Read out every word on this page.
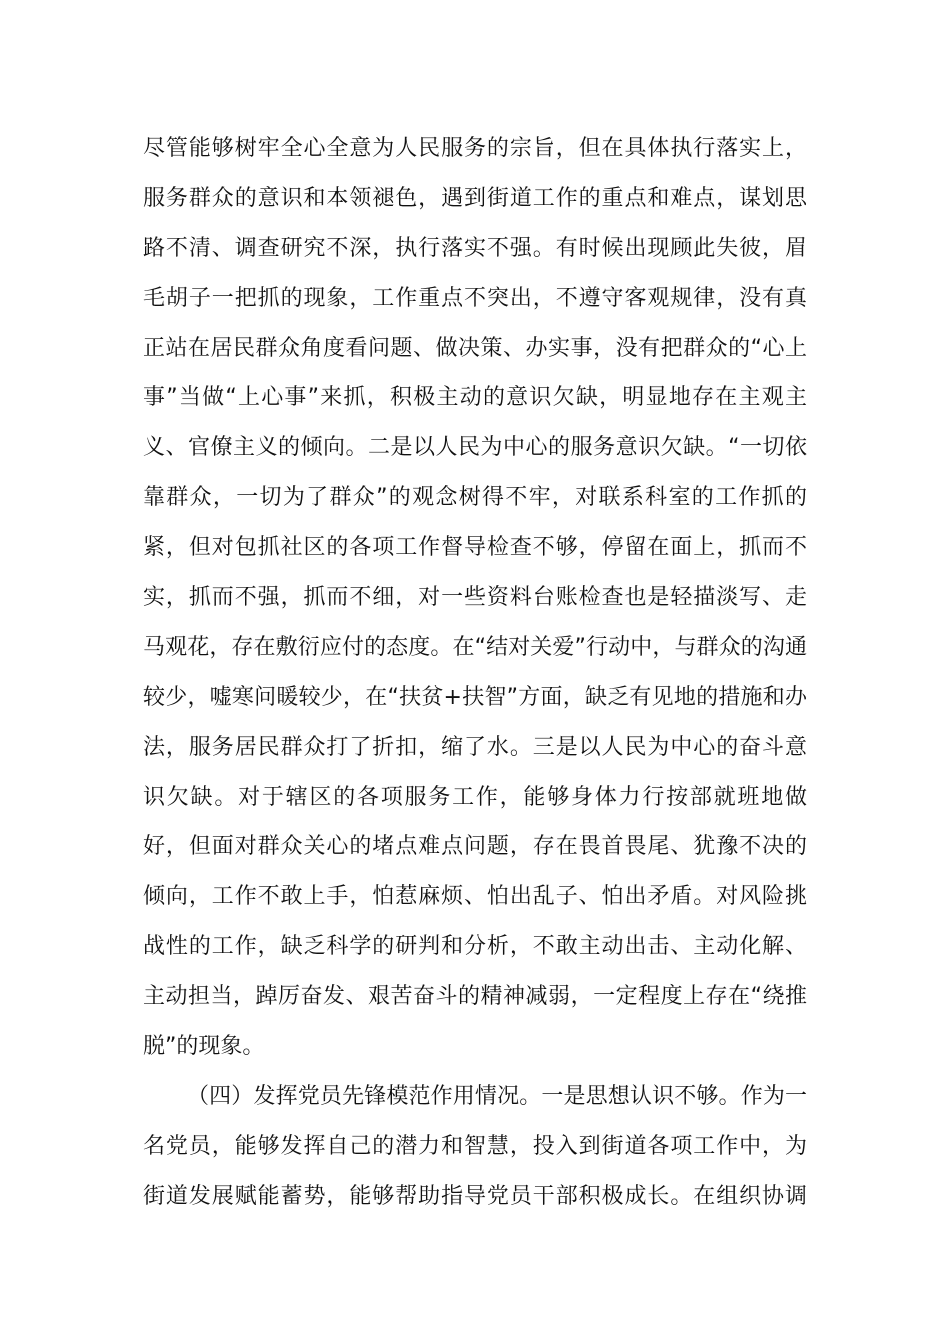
尽管能够树牢全心全意为人民服务的宗旨，但在具体执行落实上，
服务群众的意识和本领褪色，遇到街道工作的重点和难点，谋划思
路不清、调查研究不深，执行落实不强。有时候出现顾此失彼，眉
毛胡子一把抓的现象，工作重点不突出，不遵守客观规律，没有真
正站在居民群众角度看问题、做决策、办实事，没有把群众的“心上
事”当做“上心事”来抓，积极主动的意识欠缺，明显地存在主观主
义、官僚主义的倾向。二是以人民为中心的服务意识欠缺。“一切依
靠群众，一切为了群众”的观念树得不牢，对联系科室的工作抓的
紧，但对包抓社区的各项工作督导检查不够，停留在面上，抓而不
实，抓而不强，抓而不细，对一些资料台账检查也是轻描淡写、走
马观花，存在敷衍应付的态度。在“结对关爱”行动中，与群众的沟通
较少，嘘寒问暖较少，在“扶贫+扶智”方面，缺乏有见地的措施和办
法，服务居民群众打了折扣，缩了水。三是以人民为中心的奋斗意
识欠缺。对于辖区的各项服务工作，能够身体力行按部就班地做
好，但面对群众关心的堵点难点问题，存在畏首畏尾、犹豫不决的
倾向，工作不敢上手，怕惹麻烦、怕出乱子、怕出矛盾。对风险挑
战性的工作，缺乏科学的研判和分析，不敢主动出击、主动化解、
主动担当，踔厉奋发、艰苦奋斗的精神减弱，一定程度上存在“绕推
脱”的现象。
（四）发挥党员先锋模范作用情况。一是思想认识不够。作为一
名党员，能够发挥自己的潜力和智慧，投入到街道各项工作中，为
街道发展赋能蓄势，能够帮助指导党员干部积极成长。在组织协调
